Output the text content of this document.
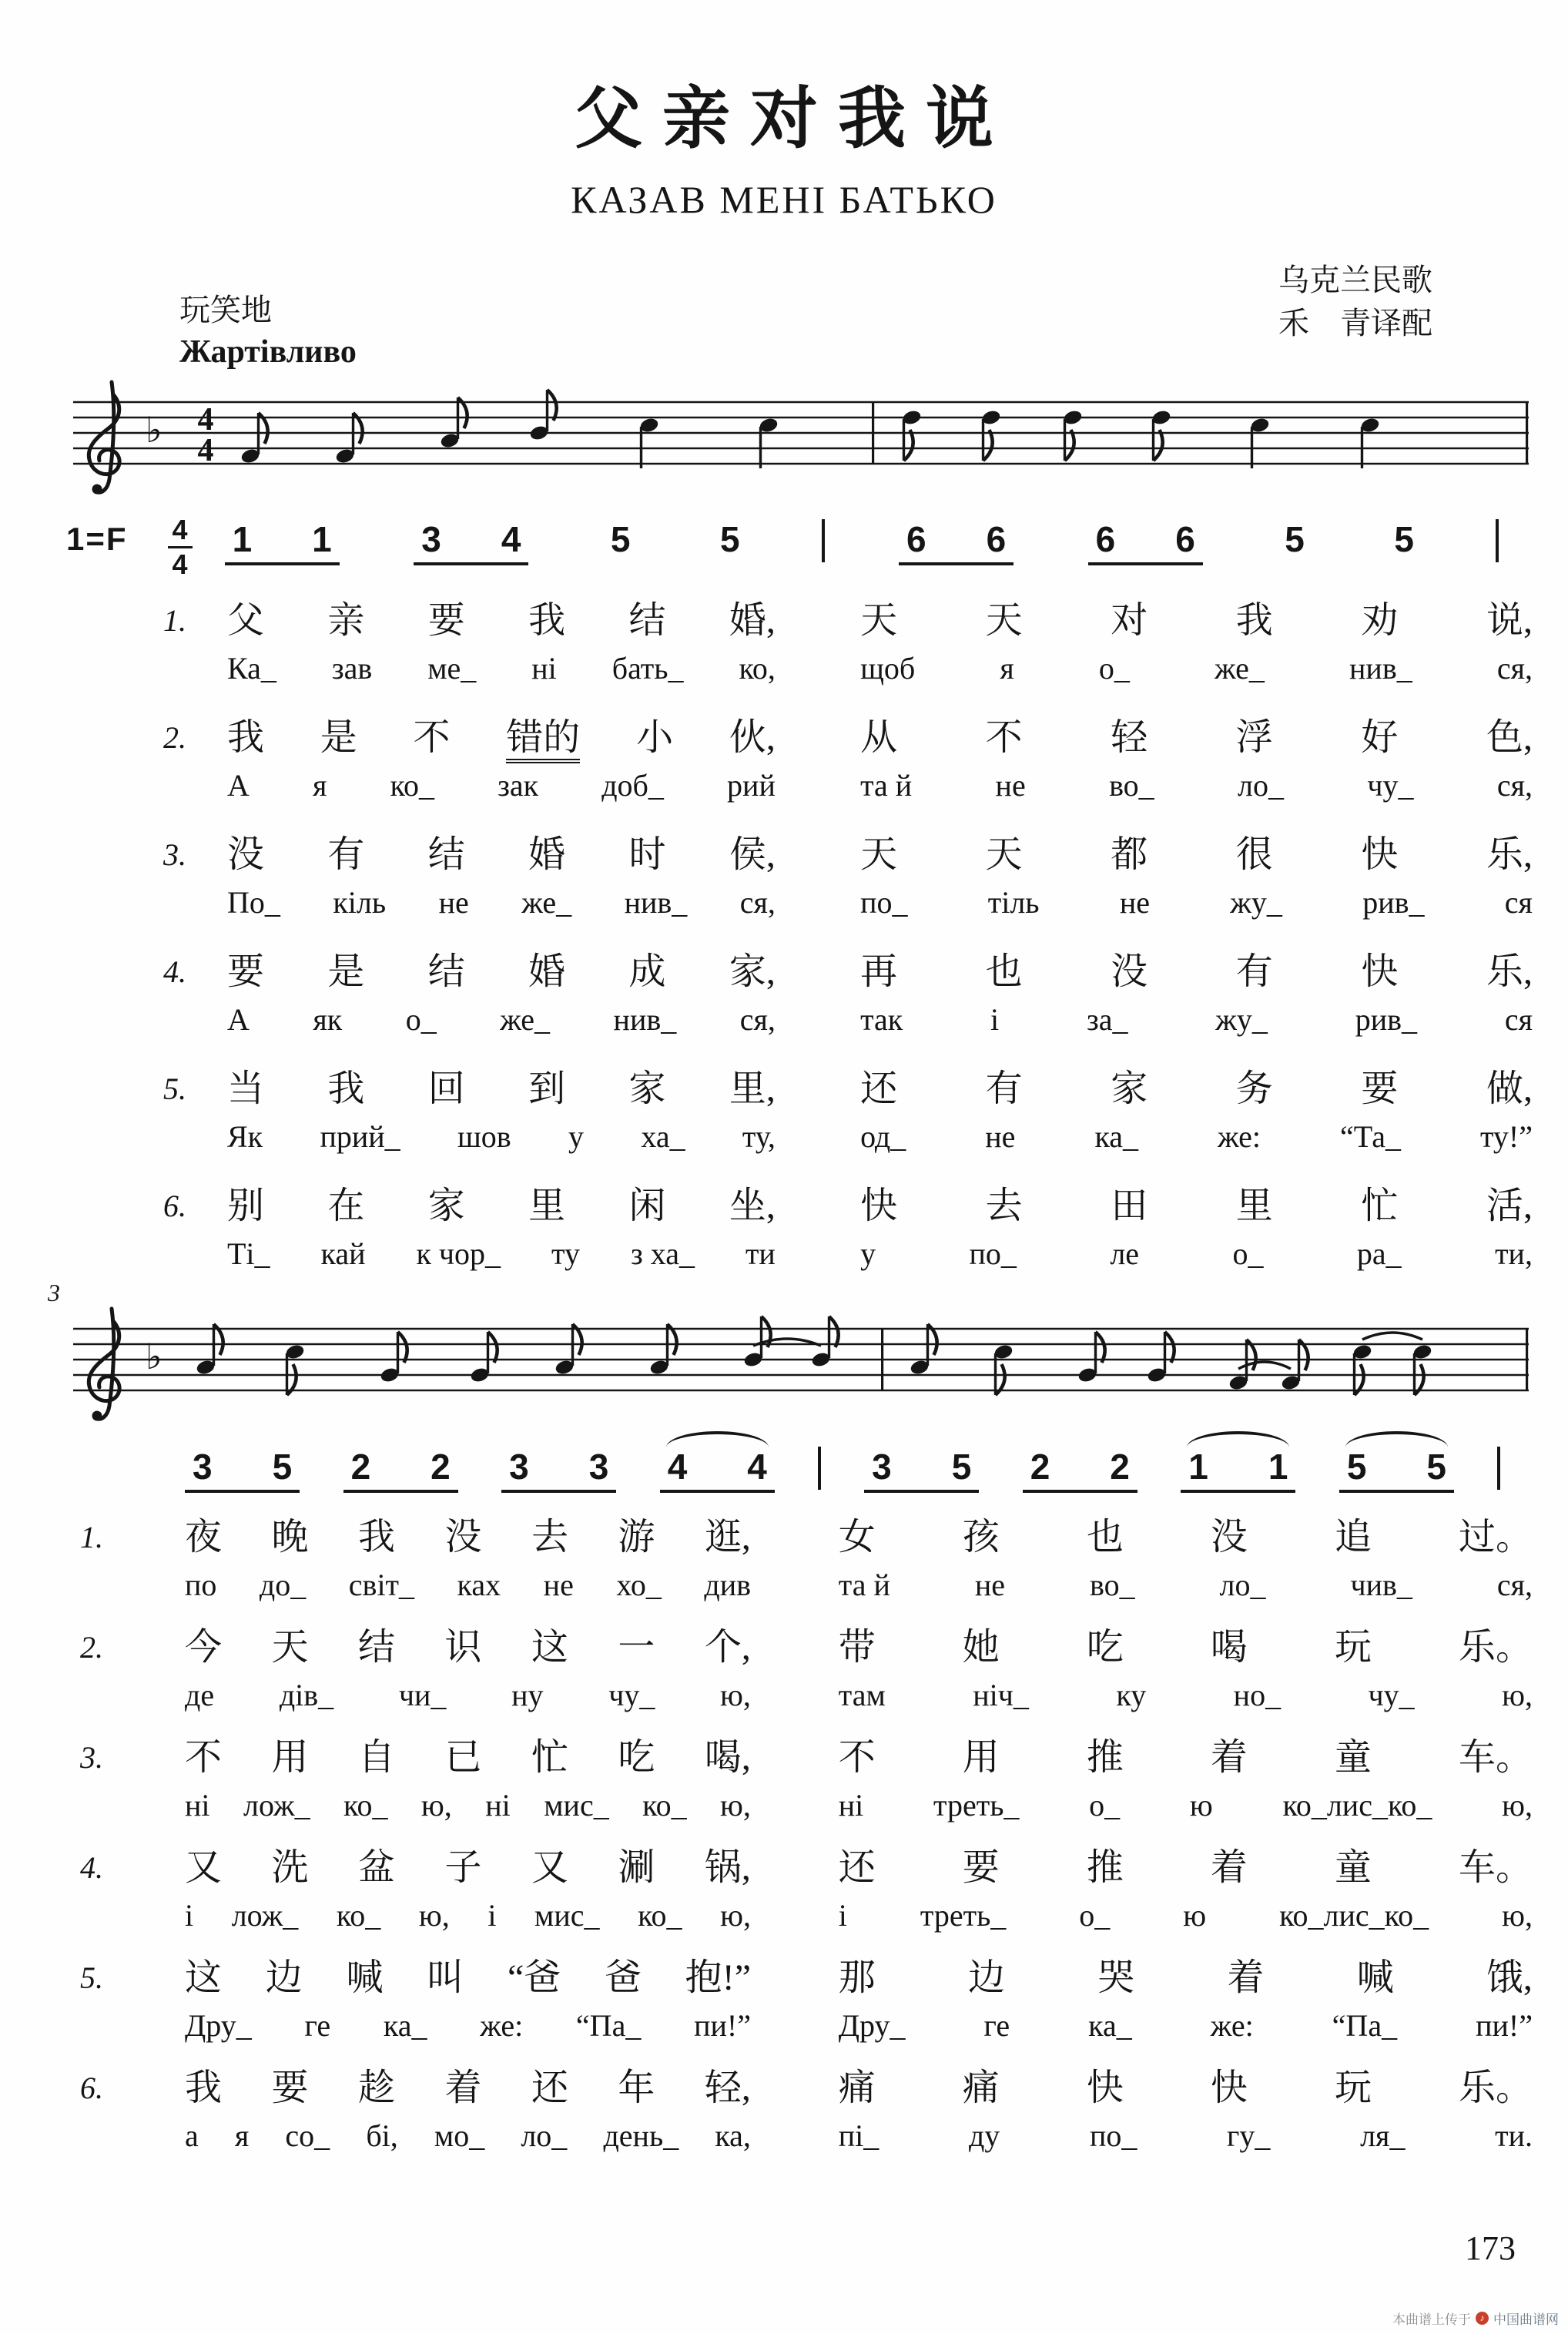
父亲对我说
КАЗАВ МЕНІ БАТЬКО
乌克兰民歌
禾　青译配
玩笑地
Жартівливо
♭ 4
4
$1=F \frac{4}{4} 1$ 1	3 4	5	5	6 6	6 6	5	5
1. 父 亲 要 我 结 婚, 天 天 对 我 劝 说,
Ка_ зав ме_ ні бать_ ко,	щоб	я	о_	же_	нив_	ся,
2. 我 是 不 错的 小 伙, 从 不 轻 浮 好 色,
А я ко_ зак доб_ рий	та й	не	во_	ло_	чу_	ся,
3. 没 有 结 婚 时 侯, 天 天 都 很 快 乐,
По_ кіль не же_ нив_ ся,	по_	тіль	не	жу_	рив_	ся
4. 要 是 结 婚 成 家, 再 也 没 有 快 乐,
А як о_ же_ нив_ ся,	так	і	за_	жу_	рив_	ся
5. 当 我 回 到 家 里, 还 有 家 务 要 做,
Як прий_ шов у ха_ ту,	од_	не	ка_	же:	“Та_	ту!”
6. 别 在 家 里 闲 坐, 快 去 田 里 忙 活,
Ті_ кай к чор_ ту з ха_ ти	у	по_	ле	о_	ра_	ти,
3
♭
3 5 2 2 3 3 4 4	3 5 2 2 1 1 5 5
1. 夜 晚 我 没 去 游 逛, 女 孩 也 没 追 过。
по до_ світ_ ках не хо_ див	та й	не	во_	ло_	чив_	ся,
2. 今 天 结 识 这 一 个, 带 她 吃 喝 玩 乐。
де дів_ чи_ ну чу_ ю,	там	ніч_	ку	но_	чу_	ю,
3. 不 用 自 已 忙 吃 喝, 不 用 推 着 童 车。
ні лож_ ко_ ю, ні мис_ ко_ ю,	ні треть_ о_ ю ко_лис_ко_ ю,
4. 又 洗 盆 子 又 涮 锅, 还 要 推 着 童 车。
і лож_ ко_ ю, і мис_ ко_ ю,	і треть_ о_ ю ко_лис_ко_ ю,
5. 这 边 喊 叫 “爸 爸 抱!” 那	边	哭	着	喊	饿,
Дру_ ге ка_ же: “Па_ пи!”	Дру_	ге	ка_	же:	“Па_	пи!”
6. 我 要 趁 着 还 年 轻, 痛 痛 快 快 玩 乐。
а я со_ бі, мо_ ло_ день_ ка,	пі_	ду	по_	гу_	ля_	ти.
173
本曲谱上传于 ♪ 中国曲谱网
